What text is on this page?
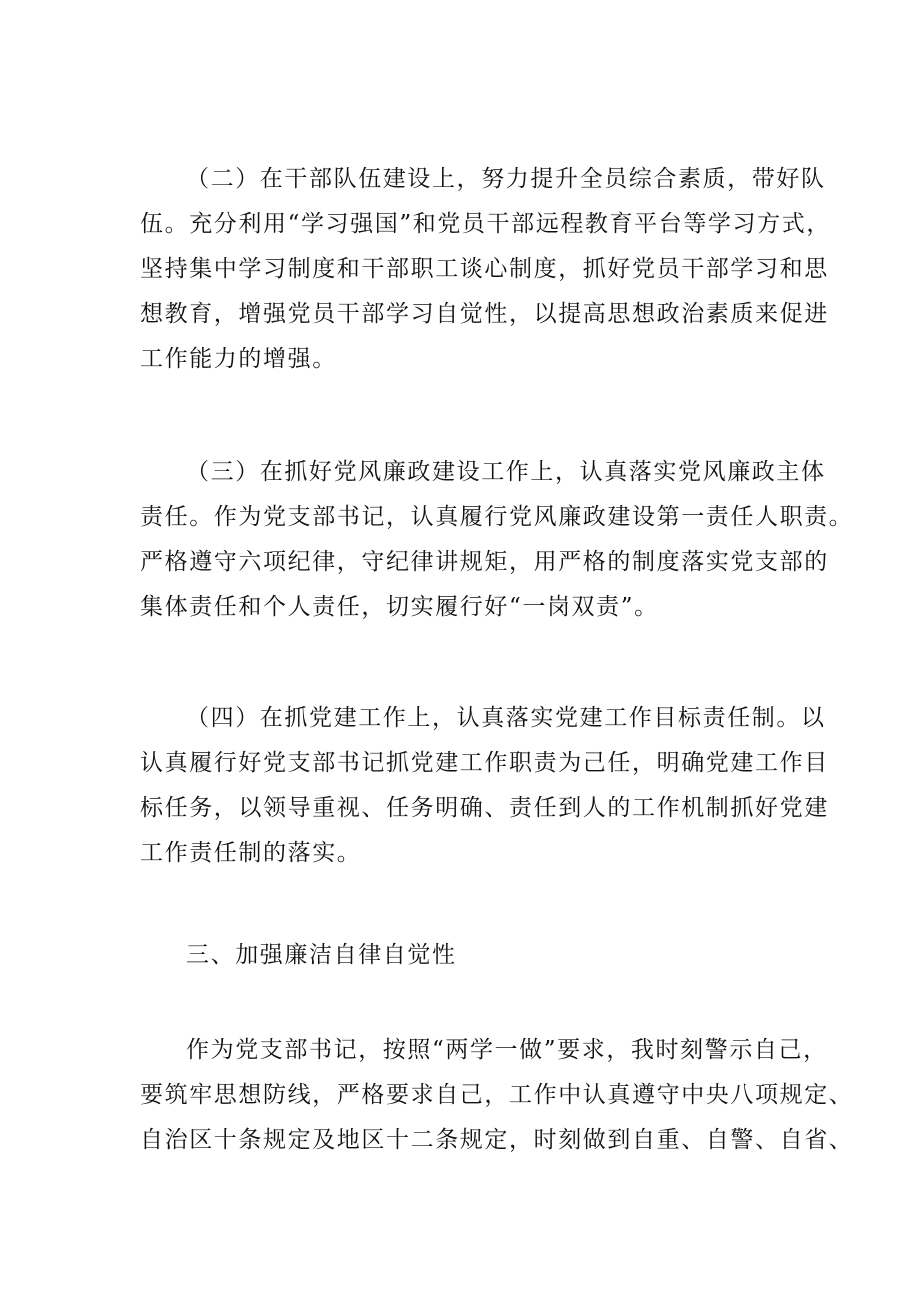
（二）在干部队伍建设上，努力提升全员综合素质，带好队
伍。充分利用“学习强国”和党员干部远程教育平台等学习方式，
坚持集中学习制度和干部职工谈心制度，抓好党员干部学习和思
想教育，增强党员干部学习自觉性，以提高思想政治素质来促进
工作能力的增强。

（三）在抓好党风廉政建设工作上，认真落实党风廉政主体
责任。作为党支部书记，认真履行党风廉政建设第一责任人职责。
严格遵守六项纪律，守纪律讲规矩，用严格的制度落实党支部的
集体责任和个人责任，切实履行好“一岗双责”。

（四）在抓党建工作上，认真落实党建工作目标责任制。以
认真履行好党支部书记抓党建工作职责为己任，明确党建工作目
标任务，以领导重视、任务明确、责任到人的工作机制抓好党建
工作责任制的落实。

三、加强廉洁自律自觉性

作为党支部书记，按照“两学一做”要求，我时刻警示自己，
要筑牢思想防线，严格要求自己，工作中认真遵守中央八项规定、
自治区十条规定及地区十二条规定，时刻做到自重、自警、自省、
